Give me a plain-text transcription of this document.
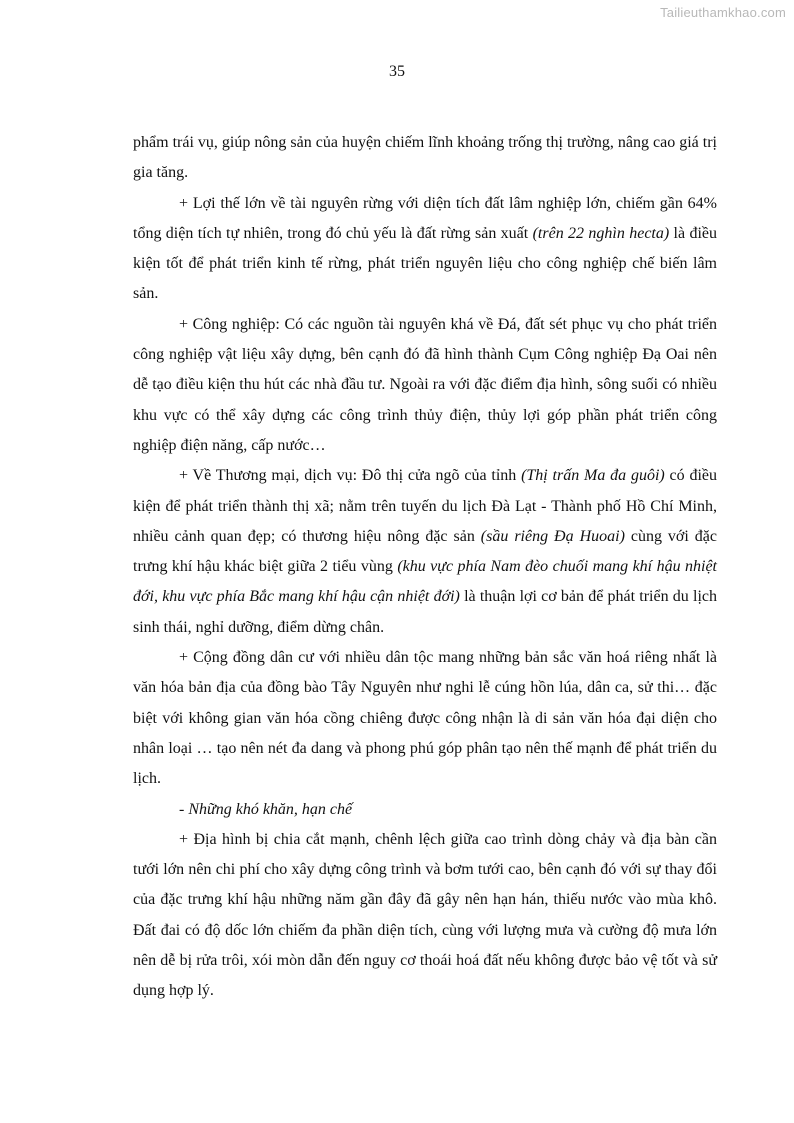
Tailieuthamkhao.com
35

phẩm trái vụ, giúp nông sản của huyện chiếm lĩnh khoảng trống thị trường, nâng cao giá trị gia tăng.

+ Lợi thế lớn về tài nguyên rừng với diện tích đất lâm nghiệp lớn, chiếm gần 64% tổng diện tích tự nhiên, trong đó chủ yếu là đất rừng sản xuất (trên 22 nghìn hecta) là điều kiện tốt để phát triển kinh tế rừng, phát triển nguyên liệu cho công nghiệp chế biến lâm sản.

+ Công nghiệp: Có các nguồn tài nguyên khá về Đá, đất sét phục vụ cho phát triển công nghiệp vật liệu xây dựng, bên cạnh đó đã hình thành Cụm Công nghiệp Đạ Oai nên dễ tạo điều kiện thu hút các nhà đầu tư. Ngoài ra với đặc điểm địa hình, sông suối có nhiều khu vực có thể xây dựng các công trình thủy điện, thủy lợi góp phần phát triển công nghiệp điện năng, cấp nước…

+ Về Thương mại, dịch vụ: Đô thị cửa ngõ của tỉnh (Thị trấn Ma đa guôi) có điều kiện để phát triển thành thị xã; nằm trên tuyến du lịch Đà Lạt - Thành phố Hồ Chí Minh, nhiều cảnh quan đẹp; có thương hiệu nông đặc sản (sầu riêng Đạ Huoai) cùng với đặc trưng khí hậu khác biệt giữa 2 tiểu vùng (khu vực phía Nam đèo chuối mang khí hậu nhiệt đới, khu vực phía Bắc mang khí hậu cận nhiệt đới) là thuận lợi cơ bản để phát triển du lịch sinh thái, nghỉ dưỡng, điểm dừng chân.

+ Cộng đồng dân cư với nhiều dân tộc mang những bản sắc văn hoá riêng nhất là văn hóa bản địa của đồng bào Tây Nguyên như nghi lễ cúng hồn lúa, dân ca, sử thi… đặc biệt với không gian văn hóa cồng chiêng được công nhận là di sản văn hóa đại diện cho nhân loại … tạo nên nét đa dang và phong phú góp phân tạo nên thế mạnh để phát triển du lịch.

- Những khó khăn, hạn chế

+ Địa hình bị chia cắt mạnh, chênh lệch giữa cao trình dòng chảy và địa bàn cần tưới lớn nên chi phí cho xây dựng công trình và bơm tưới cao, bên cạnh đó với sự thay đổi của đặc trưng khí hậu những năm gần đây đã gây nên hạn hán, thiếu nước vào mùa khô. Đất đai có độ dốc lớn chiếm đa phần diện tích, cùng với lượng mưa và cường độ mưa lớn nên dễ bị rửa trôi, xói mòn dẫn đến nguy cơ thoái hoá đất nếu không được bảo vệ tốt và sử dụng hợp lý.
